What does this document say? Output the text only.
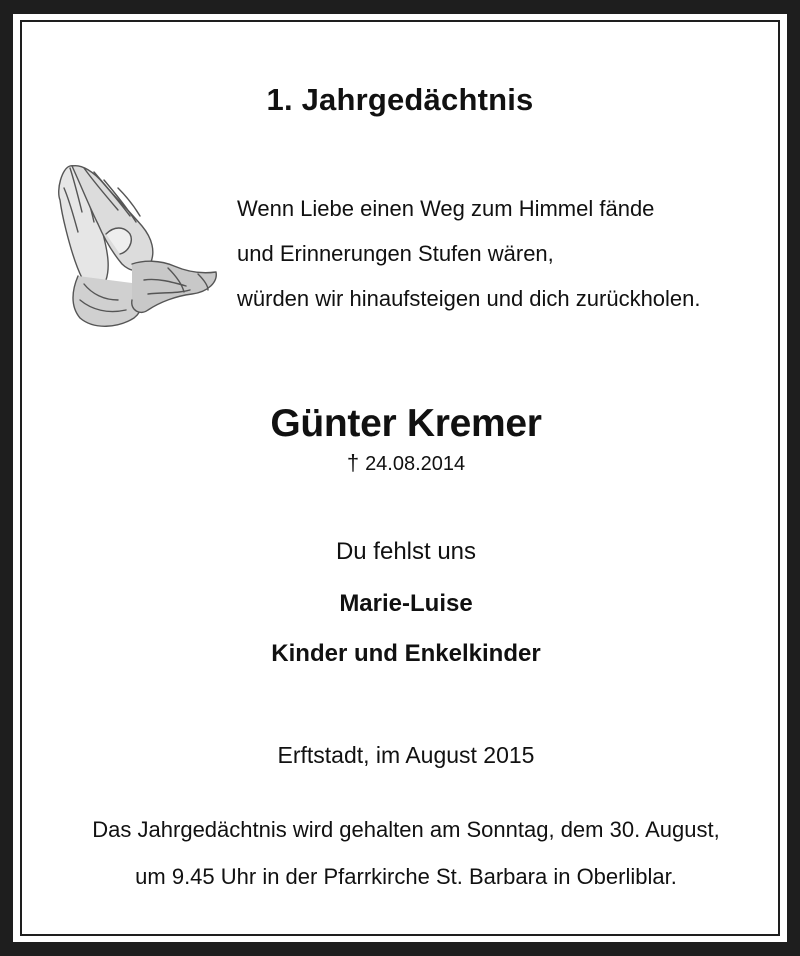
1. Jahrgedächtnis
Wenn Liebe einen Weg zum Himmel fände
und Erinnerungen Stufen wären,
würden wir hinaufsteigen und dich zurückholen.
Günter Kremer
† 24.08.2014
Du fehlst uns
Marie-Luise
Kinder und Enkelkinder
Erftstadt, im August 2015
Das Jahrgedächtnis wird gehalten am Sonntag, dem 30. August,
um 9.45 Uhr in der Pfarrkirche St. Barbara in Oberliblar.
